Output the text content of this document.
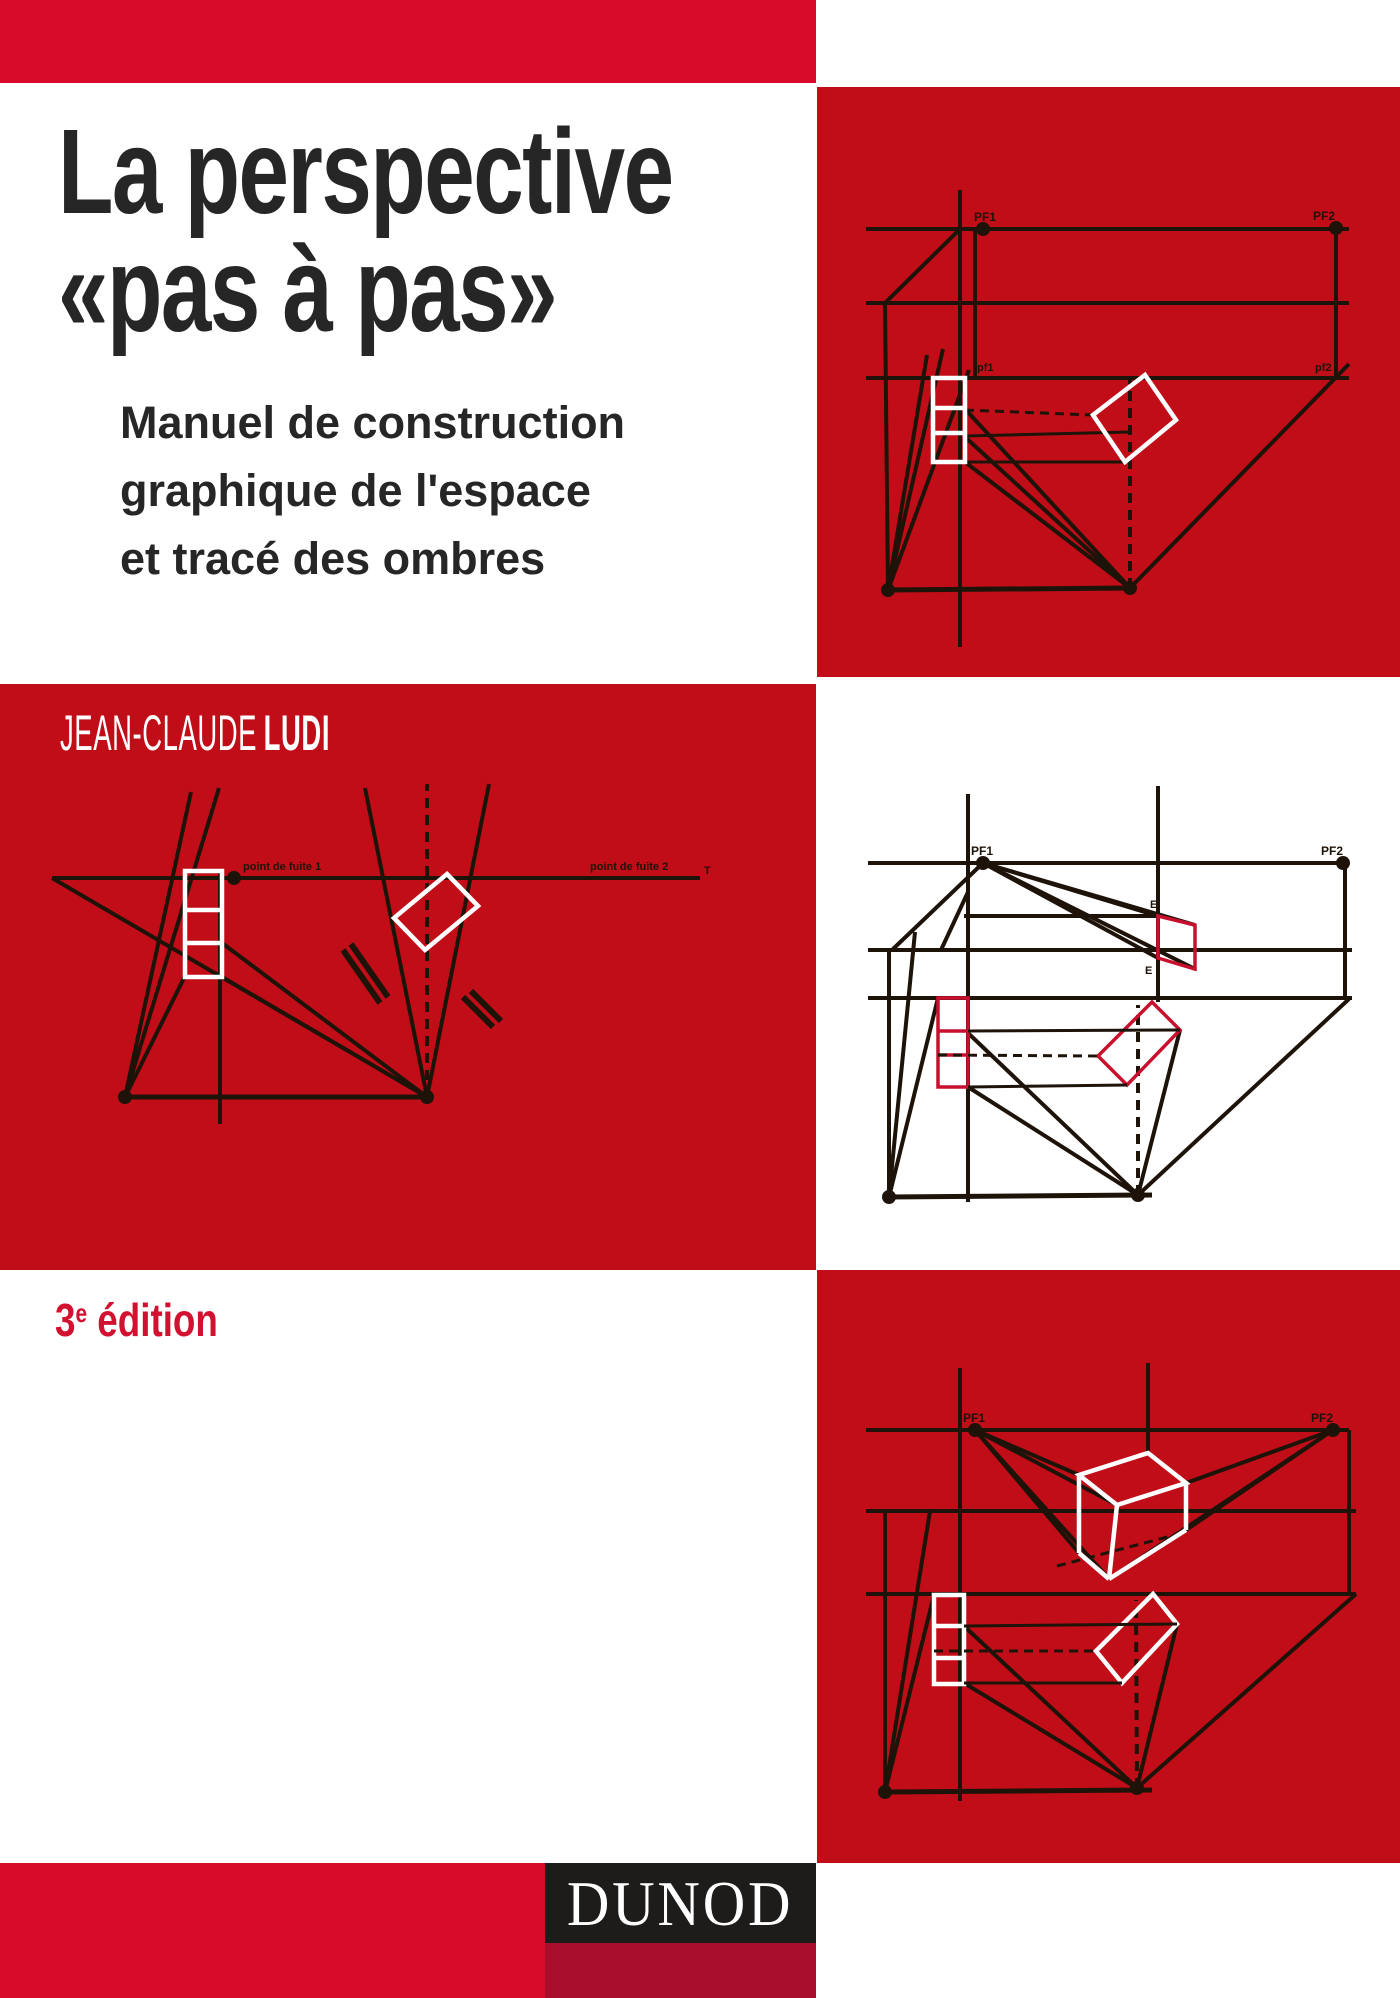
La perspective
«pas à pas»
Manuel de construction
graphique de l'espace
et tracé des ombres
PF1	PF2
pf1	pf2
JEAN-CLAUDE LUDI
point de fuite 1	point de fuite 2	T
PF1	PF2
E
E
PF1	PF2
3e édition
DUNOD
